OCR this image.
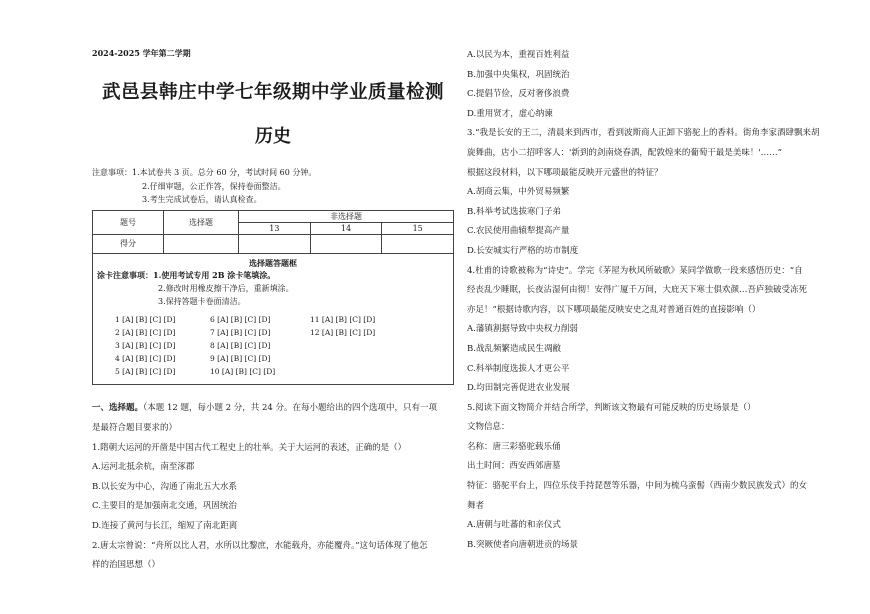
2024-2025 学年第二学期
武邑县韩庄中学七年级期中学业质量检测
历史
注意事项：1.本试卷共 3 页。总分 60 分，考试时间 60 分钟。
2.仔细审题，公正作答，保持卷面整洁。
3.考生完成试卷后，请认真检查。
题号	选择题	非选择题		
		13	14	15
得分				
选择题答题框
涂卡注意事项：1.使用考试专用 2B 涂卡笔填涂。
2.修改时用橡皮擦干净后，重新填涂。
3.保持答题卡卷面清洁。
1 [A] [B] [C] [D]	6 [A] [B] [C] [D]	11 [A] [B] [C] [D]
2 [A] [B] [C] [D]	7 [A] [B] [C] [D]	12 [A] [B] [C] [D]
3 [A] [B] [C] [D]	8 [A] [B] [C] [D]
4 [A] [B] [C] [D]	9 [A] [B] [C] [D]
5 [A] [B] [C] [D]	10 [A] [B] [C] [D]
一、选择题。（本题 12 题，每小题 2 分，共 24 分。在每小题给出的四个选项中，只有一项
是最符合题目要求的）
1.隋朝大运河的开凿是中国古代工程史上的壮举。关于大运河的表述，正确的是（）
A.运河北抵余杭，南至涿郡
B.以长安为中心，沟通了南北五大水系
C.主要目的是加强南北交通，巩固统治
D.连接了黄河与长江，缩短了南北距离
2.唐太宗曾说：“舟所以比人君，水所以比黎庶，水能载舟，亦能覆舟。”这句话体现了他怎
样的治国思想（）
A.以民为本，重视百姓利益
B.加强中央集权，巩固统治
C.提倡节俭，反对奢侈浪费
D.重用贤才，虚心纳谏
3.“我是长安的王二，清晨来到西市，看到波斯商人正卸下骆驼上的香料。街角李家酒肆飘来胡
旋舞曲，店小二招呼客人：'新到的剑南烧春酒，配敦煌来的葡萄干最是美味！'……”
根据这段材料，以下哪项最能反映开元盛世的特征？
A.胡商云集，中外贸易频繁
B.科举考试选拔寒门子弟
C.农民使用曲辕犁提高产量
D.长安城实行严格的坊市制度
4.杜甫的诗歌被称为“诗史”。学完《茅屋为秋风所破歌》某同学做歌一段来感悟历史：“自
经丧乱少睡眠，长夜沾湿何由彻！安得广厦千万间，大庇天下寒士俱欢颜…吾庐独破受冻死
亦足！”根据诗歌内容，以下哪项最能反映安史之乱对普通百姓的直接影响（）
A.藩镇割据导致中央权力削弱
B.战乱频繁造成民生凋敝
C.科举制度选拔人才更公平
D.均田制完善促进农业发展
5.阅读下面文物简介并结合所学，判断该文物最有可能反映的历史场景是（）
文物信息：
名称：唐三彩骆驼载乐俑
出土时间：西安西郊唐墓
特征：骆驼平台上，四位乐伎手持琵琶等乐器，中间为梳乌蛮髻（西南少数民族发式）的女
舞者
A.唐朝与吐蕃的和亲仪式
B.突厥使者向唐朝进贡的场景
